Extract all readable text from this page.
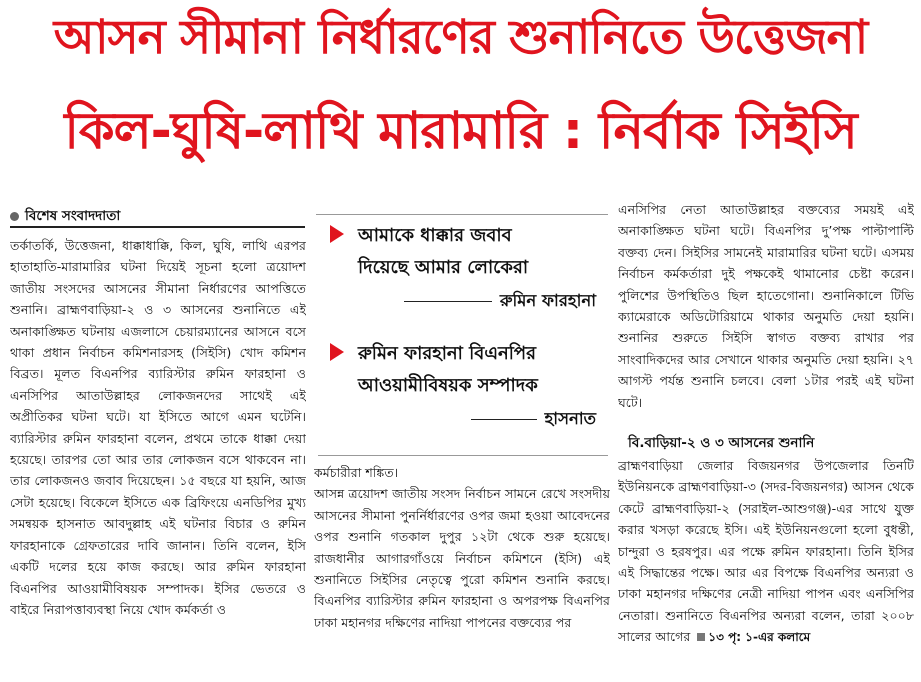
আসন সীমানা নির্ধারণের শুনানিতে উত্তেজনা
কিল-ঘুষি-লাথি মারামারি : নির্বাক সিইসি
বিশেষ সংবাদদাতা
তর্কাতর্কি, উত্তেজনা, ধাক্কাধাক্কি, কিল, ঘুষি, লাথি এরপর হাতাহাতি-মারামারির ঘটনা দিয়েই সূচনা হলো ত্রয়োদশ জাতীয় সংসদের আসনের সীমানা নির্ধারণের আপত্তিতে শুনানি। ব্রাহ্মণবাড়িয়া-২ ও ৩ আসনের শুনানিতে এই অনাকাঙ্ক্ষিত ঘটনায় এজলাসে চেয়ারম্যানের আসনে বসে থাকা প্রধান নির্বাচন কমিশনারসহ (সিইসি) খোদ কমিশন বিব্রত। মূলত বিএনপির ব্যারিস্টার রুমিন ফারহানা ও এনসিপির আতাউল্লাহর লোকজনদের সাথেই এই অপ্রীতিকর ঘটনা ঘটে। যা ইসিতে আগে এমন ঘটেনি। ব্যারিস্টার রুমিন ফারহানা বলেন, প্রথমে তাকে ধাক্কা দেয়া হয়েছে। তারপর তো আর তার লোকজন বসে থাকবেন না। তার লোকজনও জবাব দিয়েছেন। ১৫ বছরে যা হয়নি, আজ সেটা হয়েছে। বিকেলে ইসিতে এক ব্রিফিংয়ে এনডিপির মুখ্য সমন্বয়ক হাসনাত আবদুল্লাহ এই ঘটনার বিচার ও রুমিন ফারহানাকে গ্রেফতারের দাবি জানান। তিনি বলেন, ইসি একটি দলের হয়ে কাজ করছে। আর রুমিন ফারহানা বিএনপির আওয়ামীবিষয়ক সম্পাদক। ইসির ভেতরে ও বাইরে নিরাপত্তাব্যবস্থা নিয়ে খোদ কর্মকর্তা ও
আমাকে ধাক্কার জবাব
দিয়েছে আমার লোকেরা
রুমিন ফারহানা
রুমিন ফারহানা বিএনপির
আওয়ামীবিষয়ক সম্পাদক
হাসনাত
কর্মচারীরা শঙ্কিত।
আসন্ন ত্রয়োদশ জাতীয় সংসদ নির্বাচন সামনে রেখে সংসদীয় আসনের সীমানা পুনর্নির্ধারণের ওপর জমা হওয়া আবেদনের ওপর শুনানি গতকাল দুপুর ১২টা থেকে শুরু হয়েছে। রাজধানীর আগারগাঁওয়ে নির্বাচন কমিশনে (ইসি) এই শুনানিতে সিইসির নেতৃত্বে পুরো কমিশন শুনানি করছে। বিএনপির ব্যারিস্টার রুমিন ফারহানা ও অপরপক্ষ বিএনপির ঢাকা মহানগর দক্ষিণের নাদিয়া পাপনের বক্তব্যের পর
এনসিপির নেতা আতাউল্লাহর বক্তব্যের সময়ই এই অনাকাঙ্ক্ষিত ঘটনা ঘটে। বিএনপির দু’পক্ষ পাল্টাপাল্টি বক্তব্য দেন। সিইসির সামনেই মারামারির ঘটনা ঘটে। এসময় নির্বাচন কর্মকর্তারা দুই পক্ষকেই থামানোর চেষ্টা করেন। পুলিশের উপস্থিতিও ছিল হাতেগোনা। শুনানিকালে টিভি ক্যামেরাকে অডিটোরিয়ামে থাকার অনুমতি দেয়া হয়নি। শুনানির শুরুতে সিইসি স্বাগত বক্তব্য রাখার পর সাংবাদিকদের আর সেখানে থাকার অনুমতি দেয়া হয়নি। ২৭ আগস্ট পর্যন্ত শুনানি চলবে। বেলা ১টার পরই এই ঘটনা ঘটে।
বি.বাড়িয়া-২ ও ৩ আসনের শুনানি
ব্রাহ্মণবাড়িয়া জেলার বিজয়নগর উপজেলার তিনটি ইউনিয়নকে ব্রাহ্মণবাড়িয়া-৩ (সদর-বিজয়নগর) আসন থেকে কেটে ব্রাহ্মণবাড়িয়া-২ (সরাইল-আশুগঞ্জ)-এর সাথে যুক্ত করার খসড়া করেছে ইসি। এই ইউনিয়নগুলো হলো বুধন্তী, চান্দুরা ও হরষপুর। এর পক্ষে রুমিন ফারহানা। তিনি ইসির এই সিদ্ধান্তের পক্ষে। আর এর বিপক্ষে বিএনপির অন্যরা ও ঢাকা মহানগর দক্ষিণের নেত্রী নাদিয়া পাপন এবং এনসিপির নেতারা। শুনানিতে বিএনপির অন্যরা বলেন, তারা ২০০৮ সালের আগের ১৩ পৃ: ১-এর কলামে
